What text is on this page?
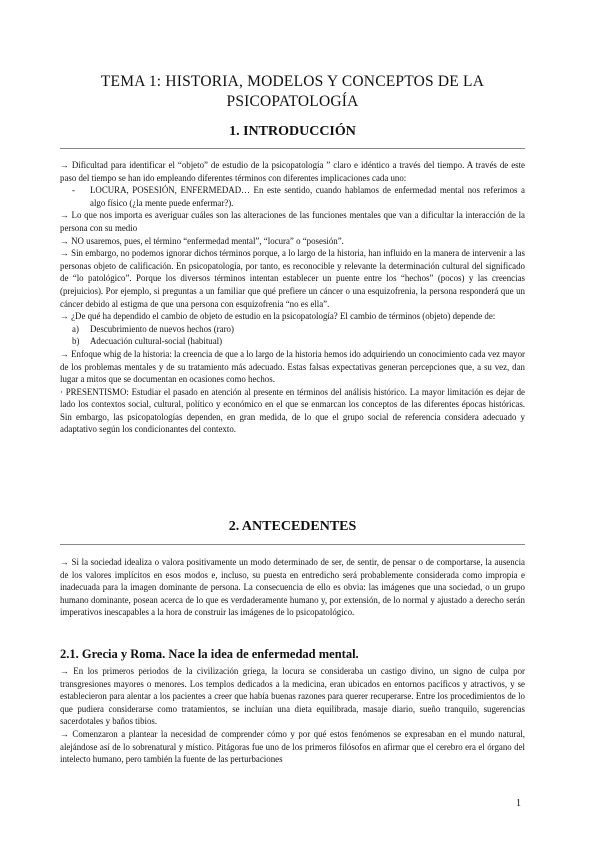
TEMA 1: HISTORIA, MODELOS Y CONCEPTOS DE LA
PSICOPATOLOGÍA
1. INTRODUCCIÓN

→ Dificultad para identificar el “objeto” de estudio de la psicopatología ” claro e idéntico a través del tiempo. A través de este paso del tiempo se han ido empleando diferentes términos con diferentes implicaciones cada uno:

- LOCURA, POSESIÓN, ENFERMEDAD… En este sentido, cuando hablamos de enfermedad mental nos referimos a algo físico (¿la mente puede enfermar?).

→ Lo que nos importa es averiguar cuáles son las alteraciones de las funciones mentales que van a dificultar la interacción de la persona con su medio

→ NO usaremos, pues, el término “enfermedad mental”, “locura” o “posesión”.

→ Sin embargo, no podemos ignorar dichos términos porque, a lo largo de la historia, han influido en la manera de intervenir a las personas objeto de calificación. En psicopatología, por tanto, es reconocible y relevante la determinación cultural del significado de “lo patológico”. Porque los diversos términos intentan establecer un puente entre los “hechos” (pocos) y las creencias (prejuicios). Por ejemplo, si preguntas a un familiar que qué prefiere un cáncer o una esquizofrenia, la persona responderá que un cáncer debido al estigma de que una persona con esquizofrenia “no es ella”.

→ ¿De qué ha dependido el cambio de objeto de estudio en la psicopatología? El cambio de términos (objeto) depende de:

a) Descubrimiento de nuevos hechos (raro)

b) Adecuación cultural-social (habitual)

→ Enfoque whig de la historia: la creencia de que a lo largo de la historia hemos ido adquiriendo un conocimiento cada vez mayor de los problemas mentales y de su tratamiento más adecuado. Estas falsas expectativas generan percepciones que, a su vez, dan lugar a mitos que se documentan en ocasiones como hechos.

· PRESENTISMO: Estudiar el pasado en atención al presente en términos del análisis histórico. La mayor limitación es dejar de lado los contextos social, cultural, político y económico en el que se enmarcan los conceptos de las diferentes épocas históricas. Sin embargo, las psicopatologías dependen, en gran medida, de lo que el grupo social de referencia considera adecuado y adaptativo según los condicionantes del contexto.

2. ANTECEDENTES

→ Si la sociedad idealiza o valora positivamente un modo determinado de ser, de sentir, de pensar o de comportarse, la ausencia de los valores implícitos en esos modos e, incluso, su puesta en entredicho será probablemente considerada como impropia e inadecuada para la imagen dominante de persona. La consecuencia de ello es obvia: las imágenes que una sociedad, o un grupo humano dominante, posean acerca de lo que es verdaderamente humano y, por extensión, de lo normal y ajustado a derecho serán imperativos inescapables a la hora de construir las imágenes de lo psicopatológico.

2.1. Grecia y Roma. Nace la idea de enfermedad mental.

→ En los primeros periodos de la civilización griega, la locura se consideraba un castigo divino, un signo de culpa por transgresiones mayores o menores. Los templos dedicados a la medicina, eran ubicados en entornos pacíficos y atractivos, y se establecieron para alentar a los pacientes a creer que había buenas razones para querer recuperarse. Entre los procedimientos de lo que pudiera considerarse como tratamientos, se incluían una dieta equilibrada, masaje diario, sueño tranquilo, sugerencias sacerdotales y baños tibios.

→ Comenzaron a plantear la necesidad de comprender cómo y por qué estos fenómenos se expresaban en el mundo natural, alejándose así de lo sobrenatural y místico. Pitágoras fue uno de los primeros filósofos en afirmar que el cerebro era el órgano del intelecto humano, pero también la fuente de las perturbaciones

1
